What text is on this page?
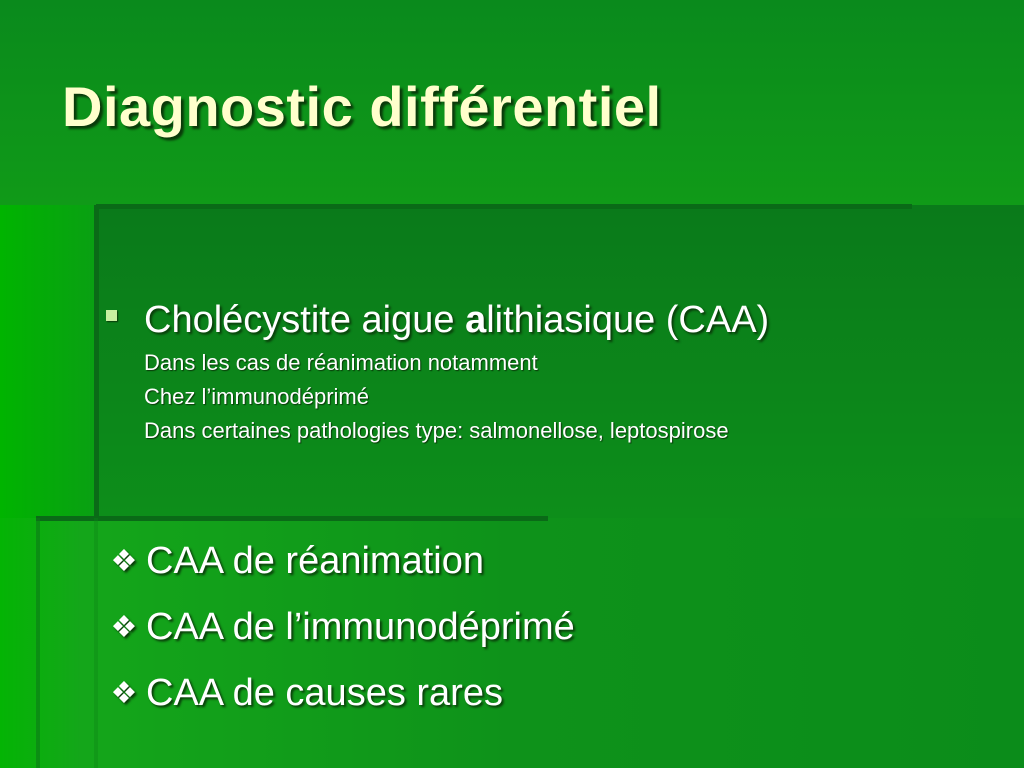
Diagnostic différentiel
Cholécystite aigue alithiasique (CAA)
Dans les cas de réanimation notamment
Chez l’immunodéprimé
Dans certaines pathologies type: salmonellose, leptospirose
❖ CAA de réanimation
❖ CAA de l’immunodéprimé
❖ CAA de causes rares
